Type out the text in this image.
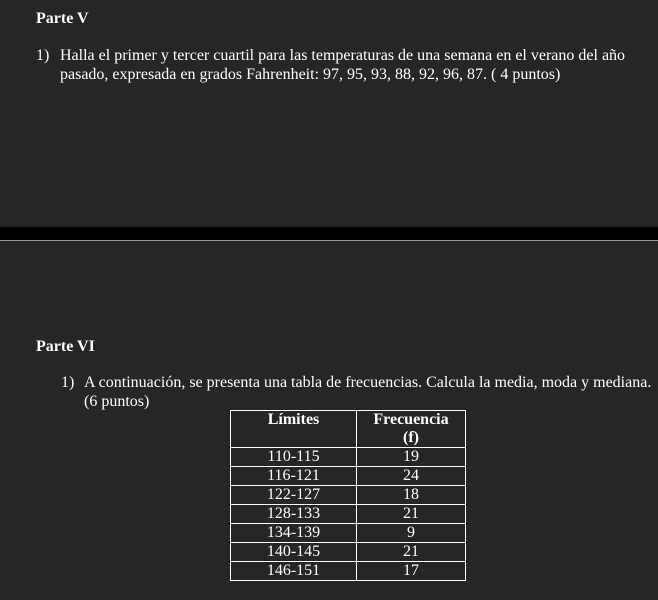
Parte V
1) Halla el primer y tercer cuartil para las temperaturas de una semana en el verano del año
pasado, expresada en grados Fahrenheit: 97, 95, 93, 88, 92, 96, 87. ( 4 puntos)
Parte VI
1) A continuación, se presenta una tabla de frecuencias. Calcula la media, moda y mediana.
(6 puntos)
Límites	Frecuencia
(f)

110-115	19
116-121	24
122-127	18
128-133	21
134-139	9
140-145	21
146-151	17
